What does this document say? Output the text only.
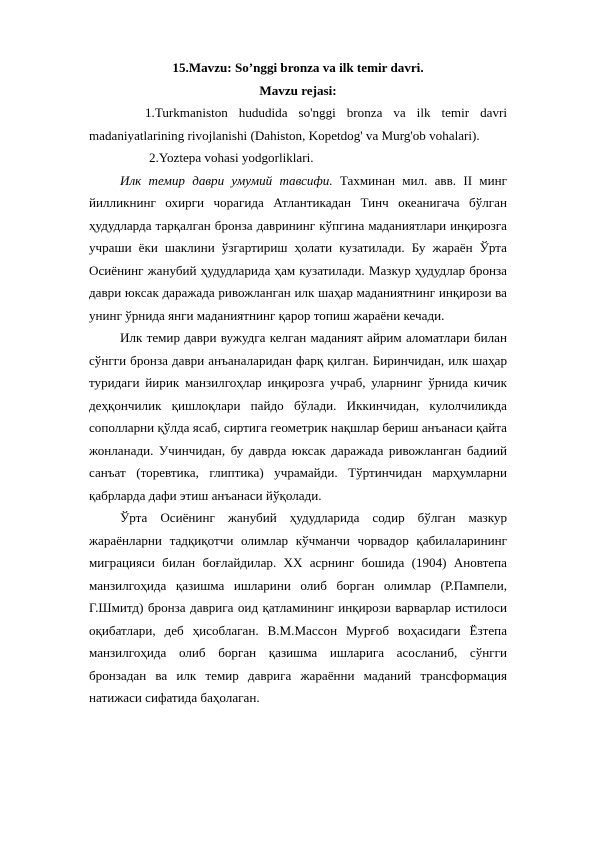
15.Mavzu: So’nggi bronza va ilk temir davri.

Mavzu rejasi:

1.Turkmaniston hududida so'nggi bronza va ilk temir davri madaniyatlarining rivojlanishi (Dahiston, Kopetdog' va Murg'ob vohalari).

2.Yoztepa vohasi yodgorliklari.

Илк темир даври умумий тавсифи. Тахминан мил. авв. II минг йилликнинг охирги чорагида Атлантикадан Тинч океанигача бўлган ҳудудларда тарқалган бронза даврининг кўпгина маданиятлари инқирозга учраши ёки шаклини ўзгартириш ҳолати кузатилади. Бу жараён Ўрта Осиёнинг жанубий ҳудудларида ҳам кузатилади. Мазкур ҳудудлар бронза даври юксак даражада ривожланган илк шаҳар маданиятнинг инқирози ва унинг ўрнида янги маданиятнинг қарор топиш жараёни кечади.

Илк темир даври вужудга келган маданият айрим аломатлари билан сўнгги бронза даври анъаналаридан фарқ қилган. Биринчидан, илк шаҳар туридаги йирик манзилгоҳлар инқирозга учраб, уларнинг ўрнида кичик деҳқончилик қишлоқлари пайдо бўлади. Иккинчидан, кулолчиликда сополларни қўлда ясаб, сиртига геометрик нақшлар бериш анъанаси қайта жонланади. Учинчидан, бу даврда юксак даражада ривожланган бадиий санъат (торевтика, глиптика) учрамайди. Тўртинчидан марҳумларни қабрларда дафи этиш анъанаси йўқолади.

Ўрта Осиёнинг жанубий ҳудудларида содир бўлган мазкур жараёнларни тадқиқотчи олимлар кўчманчи чорвадор қабилаларининг миграцияси билан боғлайдилар. XX асрнинг бошида (1904) Ановтепа манзилгоҳида қазишма ишларини олиб борган олимлар (Р.Пампели, Г.Шмитд) бронза даврига оид қатламининг инқирози варварлар истилоси оқибатлари, деб ҳисоблаган. В.М.Массон Мурғоб воҳасидаги Ёзтепа манзилгоҳида олиб борган қазишма ишларига асосланиб, сўнгги бронзадан ва илк темир даврига жараённи маданий трансформация натижаси сифатида баҳолаган.
